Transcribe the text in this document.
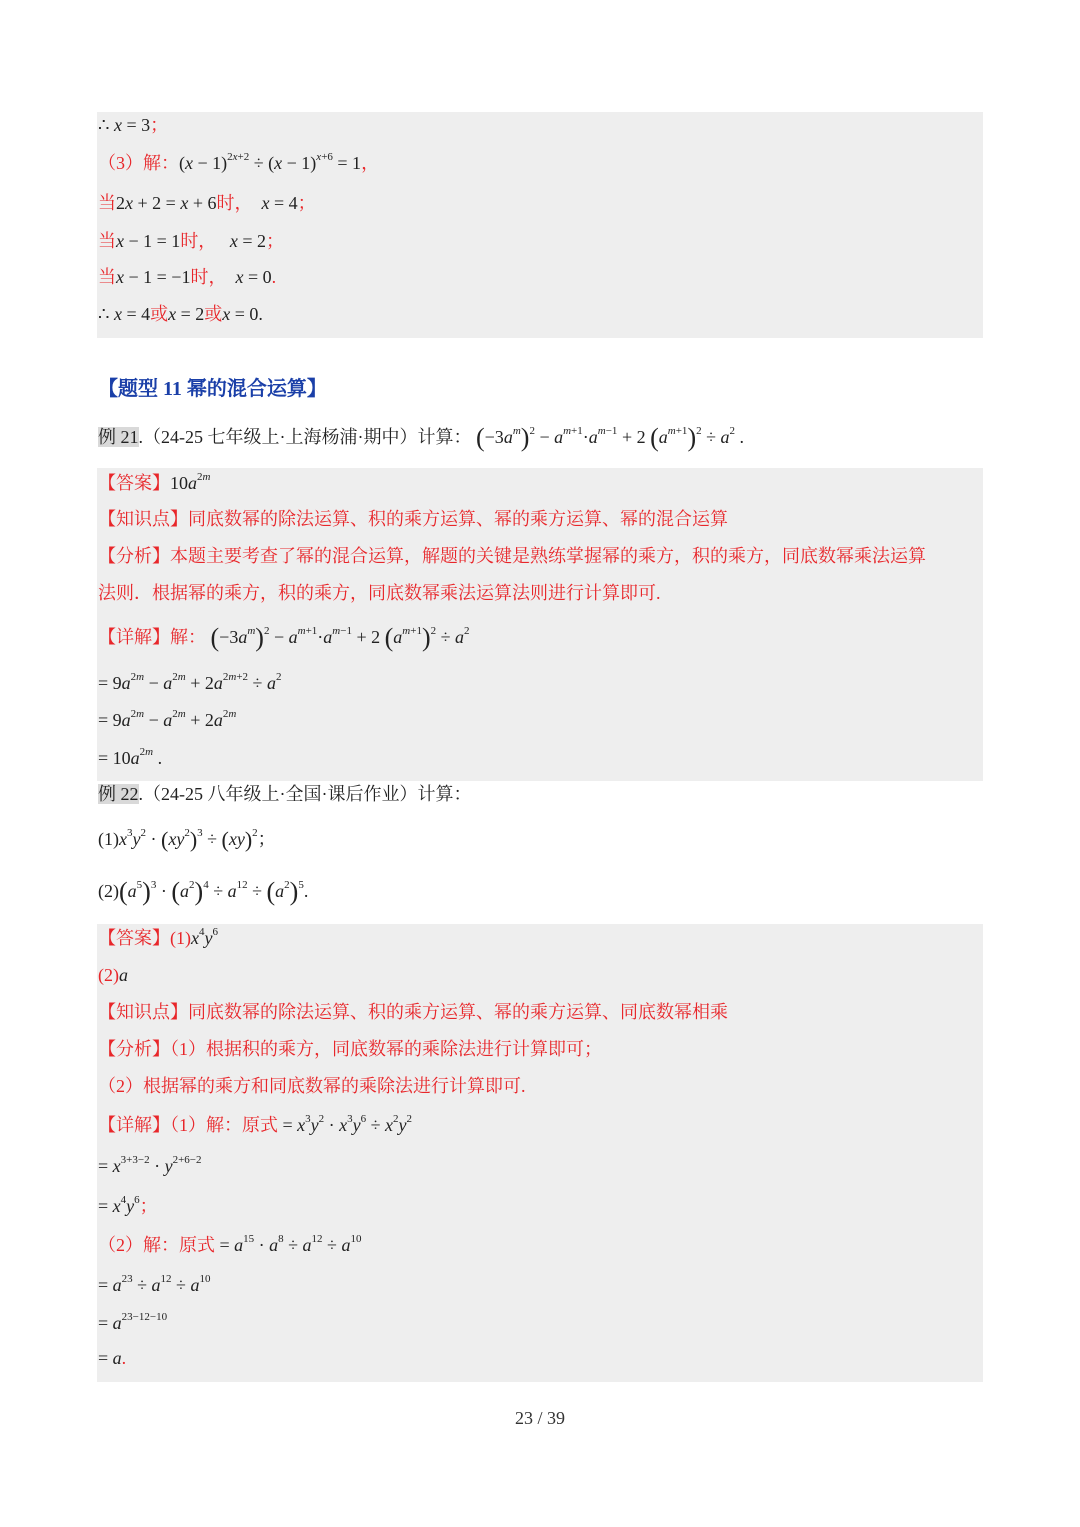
∴ x = 3；
（3）解：$(x - 1)^{2x+2} \div (x - 1)^{x+6} = 1$，
当2x + 2 = x + 6时， x = 4；
当x − 1 = 1时， x = 2；
当x − 1 = −1时， x = 0.
∴ x = 4或x = 2或x = 0.
【题型 11 幂的混合运算】
例 21.（24-25 七年级上·上海杨浦·期中）计算： $(-3a^m)^2 - a^{m+1}\cdot a^{m-1} + 2$ $(a^{m+1})^2 \div a^2$ .
【答案】$10a^{2m}$
【知识点】同底数幂的除法运算、积的乘方运算、幂的乘方运算、幂的混合运算
【分析】本题主要考查了幂的混合运算，解题的关键是熟练掌握幂的乘方，积的乘方，同底数幂乘法运算
法则．根据幂的乘方，积的乘方，同底数幂乘法运算法则进行计算即可.
【详解】解： $(-3a^m)^2 - a^{m+1}\cdot a^{m-1} + 2$ $(a^{m+1})^2 \div a^2$
= $9a^{2m} - a^{2m} + 2a^{2m+2} \div a^2$
= $9a^{2m} - a^{2m} + 2a^{2m}$
= $10a^{2m}$ .
例 22.（24-25 八年级上·全国·课后作业）计算：
$(1)x^3y^2 \cdot (xy^2)^3 \div (xy)^2$；
$(2)(a^5)^3 \cdot (a^2)^4 \div a^{12} \div (a^2)^5$.
【答案】$(1)x^4y^6$
(2)a
【知识点】同底数幂的除法运算、积的乘方运算、幂的乘方运算、同底数幂相乘
【分析】（1）根据积的乘方，同底数幂的乘除法进行计算即可；
（2）根据幂的乘方和同底数幂的乘除法进行计算即可.
【详解】（1）解：原式 = $x^3y^2 \cdot x^3y^6 \div x^2y^2$
= $x^{3+3-2} \cdot y^{2+6-2}$
= $x^4y^6$；
（2）解：原式 = $a^{15} \cdot a^8 \div a^{12} \div a^{10}$
= $a^{23} \div a^{12} \div a^{10}$
= $a^{23-12-10}$
= a.
23 / 39
